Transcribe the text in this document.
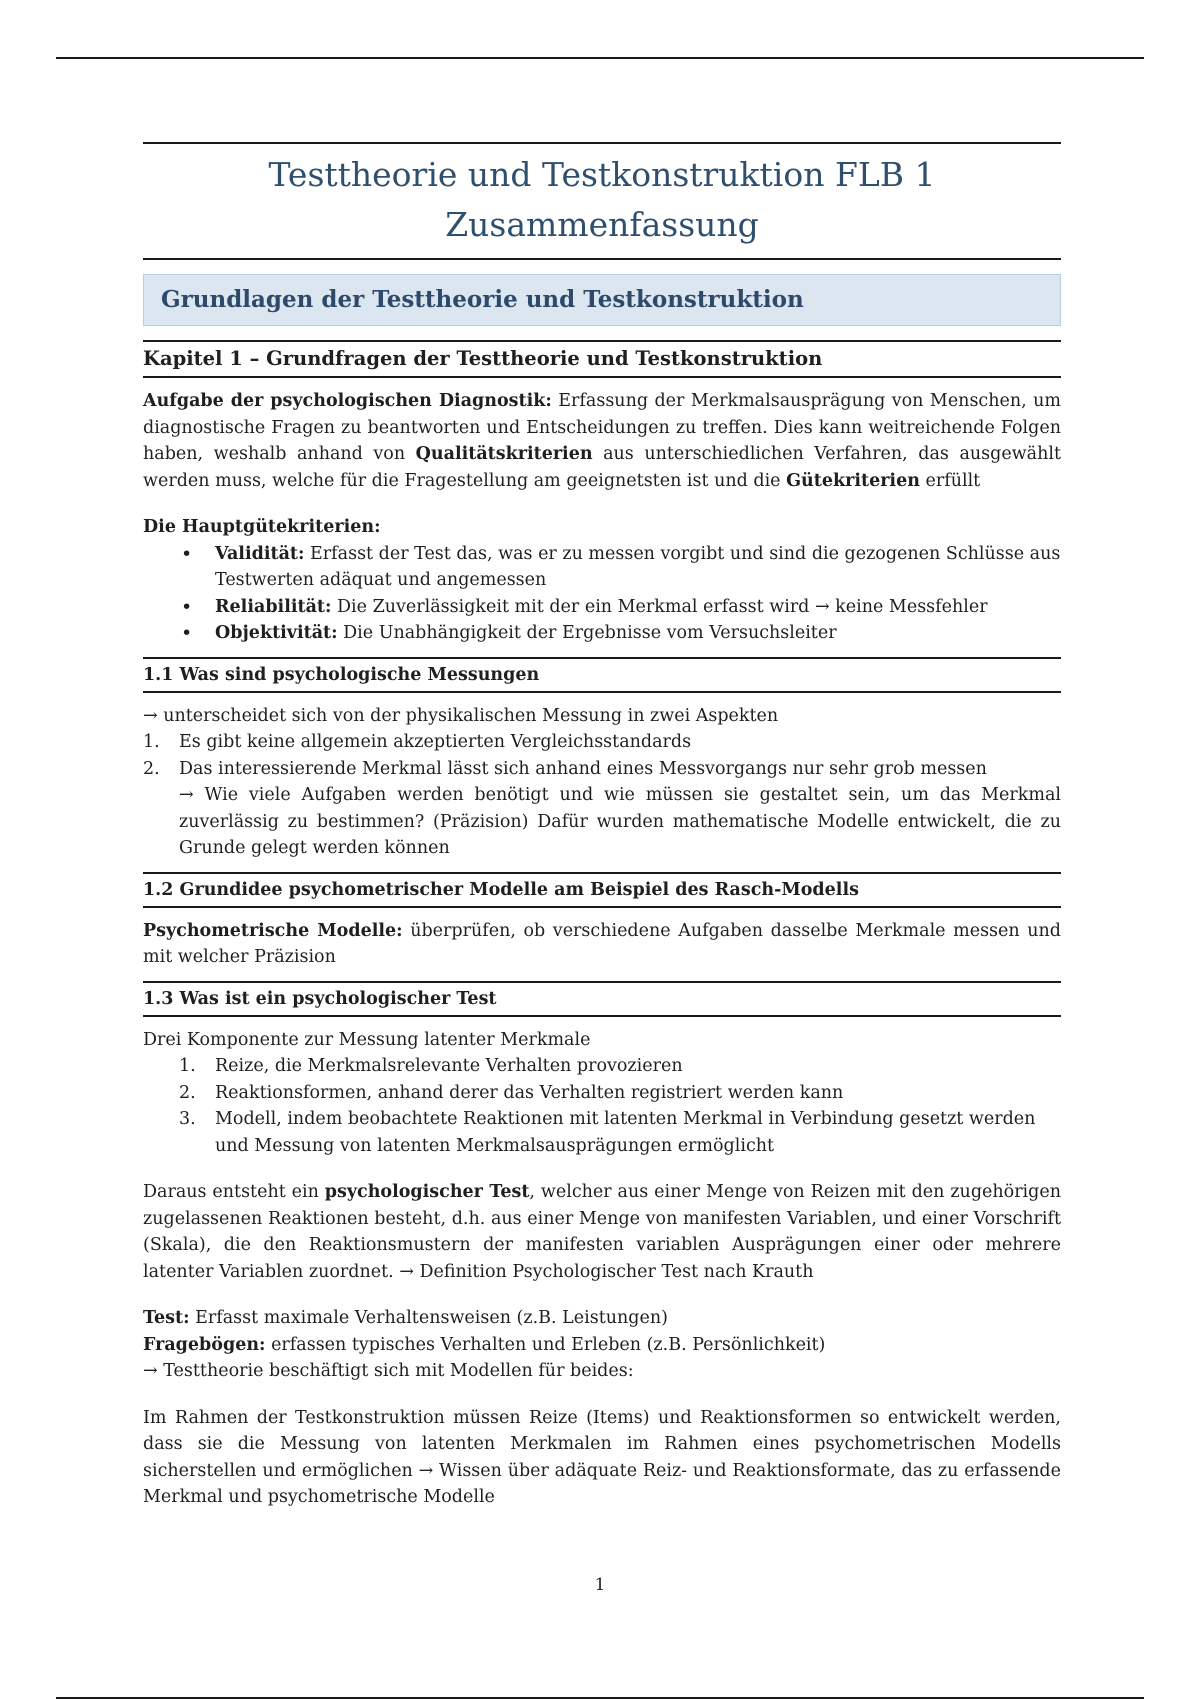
Testtheorie und Testkonstruktion FLB 1
Zusammenfassung
Grundlagen der Testtheorie und Testkonstruktion
Kapitel 1 – Grundfragen der Testtheorie und Testkonstruktion

Aufgabe der psychologischen Diagnostik: Erfassung der Merkmalsausprägung von Menschen, um diagnostische Fragen zu beantworten und Entscheidungen zu treffen. Dies kann weitreichende Folgen haben, weshalb anhand von Qualitätskriterien aus unterschiedlichen Verfahren, das ausgewählt werden muss, welche für die Fragestellung am geeignetsten ist und die Gütekriterien erfüllt

Die Hauptgütekriterien:

• Validität: Erfasst der Test das, was er zu messen vorgibt und sind die gezogenen Schlüsse aus Testwerten adäquat und angemessen
• Reliabilität: Die Zuverlässigkeit mit der ein Merkmal erfasst wird → keine Messfehler
• Objektivität: Die Unabhängigkeit der Ergebnisse vom Versuchsleiter
1.1 Was sind psychologische Messungen

→ unterscheidet sich von der physikalischen Messung in zwei Aspekten

1. Es gibt keine allgemein akzeptierten Vergleichsstandards
2. Das interessierende Merkmal lässt sich anhand eines Messvorgangs nur sehr grob messen

→ Wie viele Aufgaben werden benötigt und wie müssen sie gestaltet sein, um das Merkmal zuverlässig zu bestimmen? (Präzision) Dafür wurden mathematische Modelle entwickelt, die zu Grunde gelegt werden können

1.2 Grundidee psychometrischer Modelle am Beispiel des Rasch-Modells

Psychometrische Modelle: überprüfen, ob verschiedene Aufgaben dasselbe Merkmale messen und mit welcher Präzision

1.3 Was ist ein psychologischer Test

Drei Komponente zur Messung latenter Merkmale

1. Reize, die Merkmalsrelevante Verhalten provozieren
2. Reaktionsformen, anhand derer das Verhalten registriert werden kann
3. Modell, indem beobachtete Reaktionen mit latenten Merkmal in Verbindung gesetzt werden und Messung von latenten Merkmalsausprägungen ermöglicht

Daraus entsteht ein psychologischer Test, welcher aus einer Menge von Reizen mit den zugehörigen zugelassenen Reaktionen besteht, d.h. aus einer Menge von manifesten Variablen, und einer Vorschrift (Skala), die den Reaktionsmustern der manifesten variablen Ausprägungen einer oder mehrere latenter Variablen zuordnet. → Definition Psychologischer Test nach Krauth

Test: Erfasst maximale Verhaltensweisen (z.B. Leistungen)

Fragebögen: erfassen typisches Verhalten und Erleben (z.B. Persönlichkeit)

→ Testtheorie beschäftigt sich mit Modellen für beides:

Im Rahmen der Testkonstruktion müssen Reize (Items) und Reaktionsformen so entwickelt werden, dass sie die Messung von latenten Merkmalen im Rahmen eines psychometrischen Modells sicherstellen und ermöglichen → Wissen über adäquate Reiz- und Reaktionsformate, das zu erfassende Merkmal und psychometrische Modelle

1
